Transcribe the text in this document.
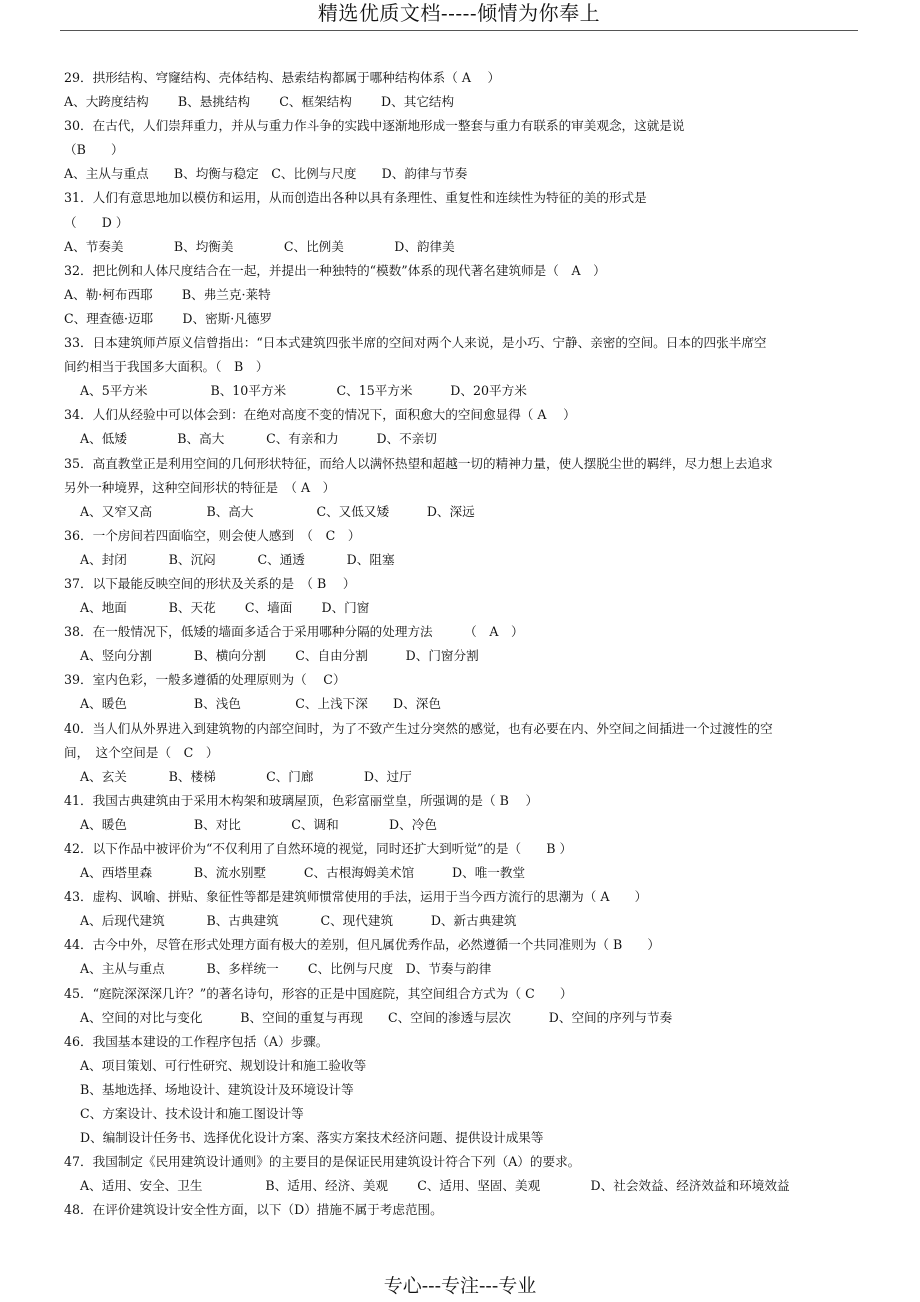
精选优质文档-----倾情为你奉上
29．拱形结构、穹窿结构、壳体结构、悬索结构都属于哪种结构体系（ A　 ）
A、大跨度结构　　 B、悬挑结构　　 C、框架结构　　 D、其它结构
30．在古代，人们崇拜重力，并从与重力作斗争的实践中逐渐地形成一整套与重力有联系的审美观念，这就是说
（B　　）
A、主从与重点　　B、均衡与稳定　C、比例与尺度　　D、韵律与节奏
31．人们有意思地加以模仿和运用，从而创造出各种以具有条理性、重复性和连续性为特征的美的形式是
（　　D ）
A、节奏美　　　　B、均衡美　　　　C、比例美　　　　D、韵律美
32．把比例和人体尺度结合在一起，并提出一种独特的“模数”体系的现代著名建筑师是（　A　）
A、勒·柯布西耶　　 B、弗兰克·莱特
C、理查德·迈耶　　 D、密斯·凡德罗
33．日本建筑师芦原义信曾指出：“日本式建筑四张半席的空间对两个人来说，是小巧、宁静、亲密的空间。日本的四张半席空
间约相当于我国多大面积。（　B　）
A、5平方米　　　　　B、10平方米　　　　C、15平方米　　　D、20平方米
34．人们从经验中可以体会到：在绝对高度不变的情况下，面积愈大的空间愈显得（ A　 ）
A、低矮　　　　B、高大　　　 C、有亲和力　　　D、不亲切
35．高直教堂正是利用空间的几何形状特征，而给人以满怀热望和超越一切的精神力量，使人摆脱尘世的羁绊，尽力想上去追求
另外一种境界，这种空间形状的特征是　（ A　）
A、又窄又高　　　　 B、高大　　　　　C、又低又矮　　　D、深远
36．一个房间若四面临空，则会使人感到　（　C　）
A、封闭　　　 B、沉闷　　　 C、通透　　　 D、阻塞
37．以下最能反映空间的形状及关系的是　（ B　 ）
A、地面　　　 B、天花　　 C、墙面　　 D、门窗
38．在一般情况下，低矮的墙面多适合于采用哪种分隔的处理方法　　　（　A　）
A、竖向分割　　　 B、横向分割　　 C、自由分割　　　D、门窗分割
39．室内色彩，一般多遵循的处理原则为（　 C）
A、暖色　　　　　 B、浅色　　　　 C、上浅下深　　D、深色
40．当人们从外界进入到建筑物的内部空间时，为了不致产生过分突然的感觉，也有必要在内、外空间之间插进一个过渡性的空
间，　这个空间是（　C　）
A、玄关　　　 B、楼梯　　　　C、门廊　　　　D、过厅
41．我国古典建筑由于采用木构架和玻璃屋顶，色彩富丽堂皇，所强调的是（ B　 ）
A、暖色　　　　　 B、对比　　　　C、调和　　　　D、冷色
42．以下作品中被评价为“不仅利用了自然环境的视觉，同时还扩大到听觉”的是（　　B ）
A、西塔里森　　　 B、流水别墅　　　C、古根海姆美术馆　　　D、唯一教堂
43．虚构、讽喻、拼贴、象征性等都是建筑师惯常使用的手法，运用于当今西方流行的思潮为（ A　　）
A、后现代建筑　　　 B、古典建筑　　　 C、现代建筑　　　D、新古典建筑
44．古今中外，尽管在形式处理方面有极大的差别，但凡属优秀作品，必然遵循一个共同准则为（ B　　）
A、主从与重点　　　 B、多样统一　　 C、比例与尺度　D、节奏与韵律
45．“庭院深深深几许？”的著名诗句，形容的正是中国庭院，其空间组合方式为（ C　　）
A、空间的对比与变化　　　B、空间的重复与再现　　C、空间的渗透与层次　　　D、空间的序列与节奏
46．我国基本建设的工作程序包括（A）步骤。
A、项目策划、可行性研究、规划设计和施工验收等
B、基地选择、场地设计、建筑设计及环境设计等
C、方案设计、技术设计和施工图设计等
D、编制设计任务书、选择优化设计方案、落实方案技术经济问题、提供设计成果等
47．我国制定《民用建筑设计通则》的主要目的是保证民用建筑设计符合下列（A）的要求。
A、适用、安全、卫生　　　　　B、适用、经济、美观　　 C、适用、坚固、美观　　　　D、社会效益、经济效益和环境效益
48．在评价建筑设计安全性方面，以下（D）措施不属于考虑范围。
专心---专注---专业
